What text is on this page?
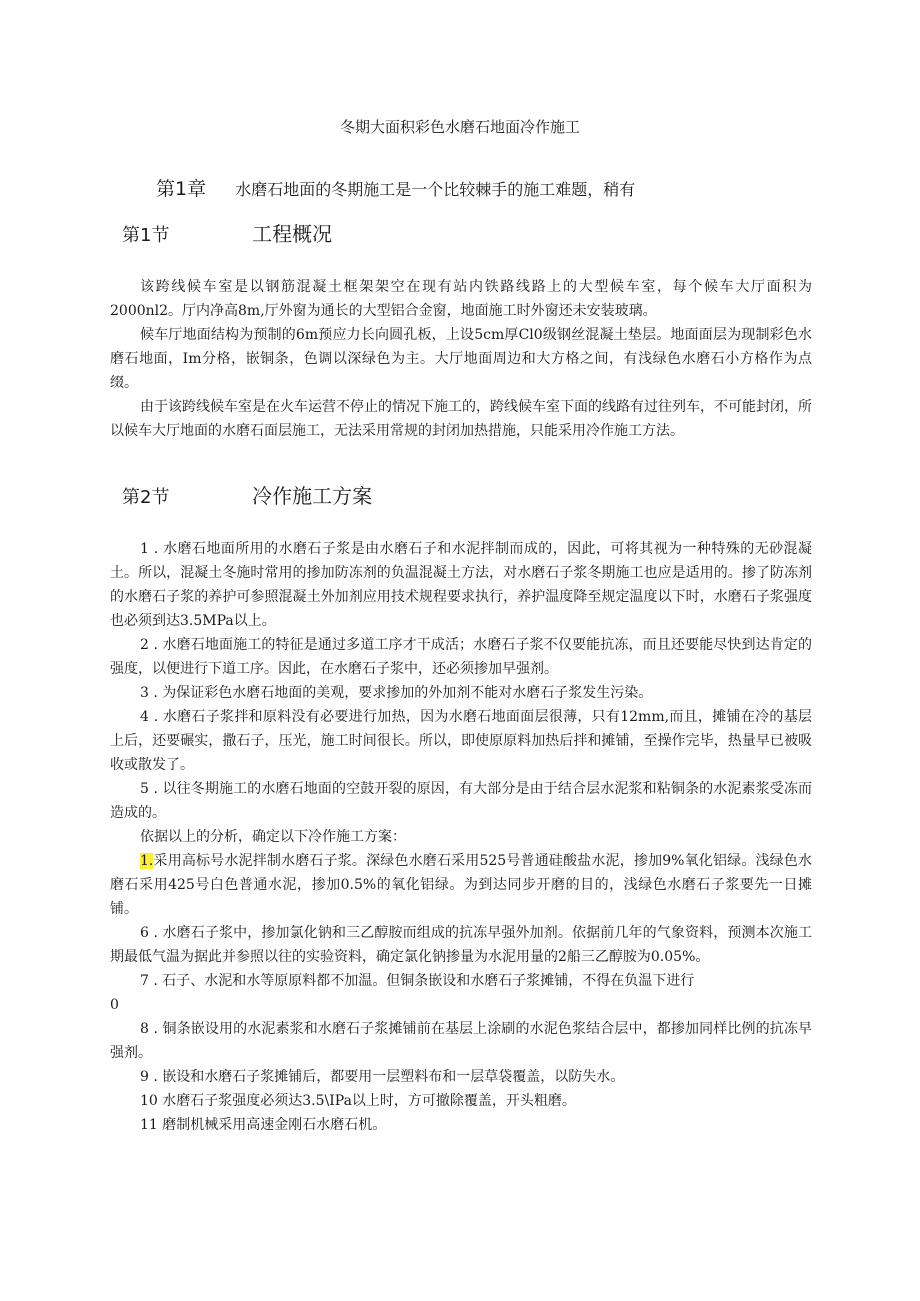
冬期大面积彩色水磨石地面冷作施工
第1章 水磨石地面的冬期施工是一个比较棘手的施工难题，稍有
第1节	工程概况

该跨线候车室是以钢筋混凝土框架架空在现有站内铁路线路上的大型候车室，每个候车大厅面积为2000nl2。厅内净高8m,厅外窗为通长的大型铝合金窗，地面施工时外窗还未安装玻璃。

候车厅地面结构为预制的6m预应力长向圆孔板，上设5cm厚Cl0级钢丝混凝土垫层。地面面层为现制彩色水磨石地面，Im分格，嵌铜条，色调以深绿色为主。大厅地面周边和大方格之间，有浅绿色水磨石小方格作为点缀。

由于该跨线候车室是在火车运营不停止的情况下施工的，跨线候车室下面的线路有过往列车，不可能封闭，所以候车大厅地面的水磨石面层施工，无法采用常规的封闭加热措施，只能采用冷作施工方法。

第2节	冷作施工方案

1 . 水磨石地面所用的水磨石子浆是由水磨石子和水泥拌制而成的，因此，可将其视为一种特殊的无砂混凝土。所以，混凝土冬施时常用的掺加防冻剂的负温混凝土方法，对水磨石子浆冬期施工也应是适用的。掺了防冻剂的水磨石子浆的养护可参照混凝土外加剂应用技术规程要求执行，养护温度降至规定温度以下时，水磨石子浆强度也必须到达3.5MPa以上。

2 . 水磨石地面施工的特征是通过多道工序才干成活；水磨石子浆不仅要能抗冻，而且还要能尽快到达肯定的强度，以便进行下道工序。因此，在水磨石子浆中，还必须掺加早强剂。

3 . 为保证彩色水磨石地面的美观，要求掺加的外加剂不能对水磨石子浆发生污染。

4 . 水磨石子浆拌和原料没有必要进行加热，因为水磨石地面面层很薄，只有12mm,而且，摊铺在冷的基层上后，还要碾实，撒石子，压光，施工时间很长。所以，即使原原料加热后拌和摊铺，至操作完毕，热量早已被吸收或散发了。

5 . 以往冬期施工的水磨石地面的空鼓开裂的原因，有大部分是由于结合层水泥浆和粘铜条的水泥素浆受冻而造成的。

依据以上的分析，确定以下冷作施工方案：

1.采用高标号水泥拌制水磨石子浆。深绿色水磨石采用525号普通硅酸盐水泥，掺加9%氧化铝绿。浅绿色水磨石采用425号白色普通水泥，掺加0.5%的氧化铝绿。为到达同步开磨的目的，浅绿色水磨石子浆要先一日摊铺。

6 . 水磨石子浆中，掺加氯化钠和三乙醇胺而组成的抗冻早强外加剂。依据前几年的气象资料，预测本次施工期最低气温为据此并参照以往的实验资料，确定氯化钠掺量为水泥用量的2船三乙醇胺为0.05%。

7 . 石子、水泥和水等原原料都不加温。但铜条嵌设和水磨石子浆摊铺，不得在负温下进行

0

8 . 铜条嵌设用的水泥素浆和水磨石子浆摊铺前在基层上涂刷的水泥色浆结合层中，都掺加同样比例的抗冻早强剂。

9 . 嵌设和水磨石子浆摊铺后，都要用一层塑料布和一层草袋覆盖，以防失水。

10 水磨石子浆强度必须达3.5\IPa以上时，方可撤除覆盖，开头粗磨。

11 磨制机械采用高速金刚石水磨石机。
